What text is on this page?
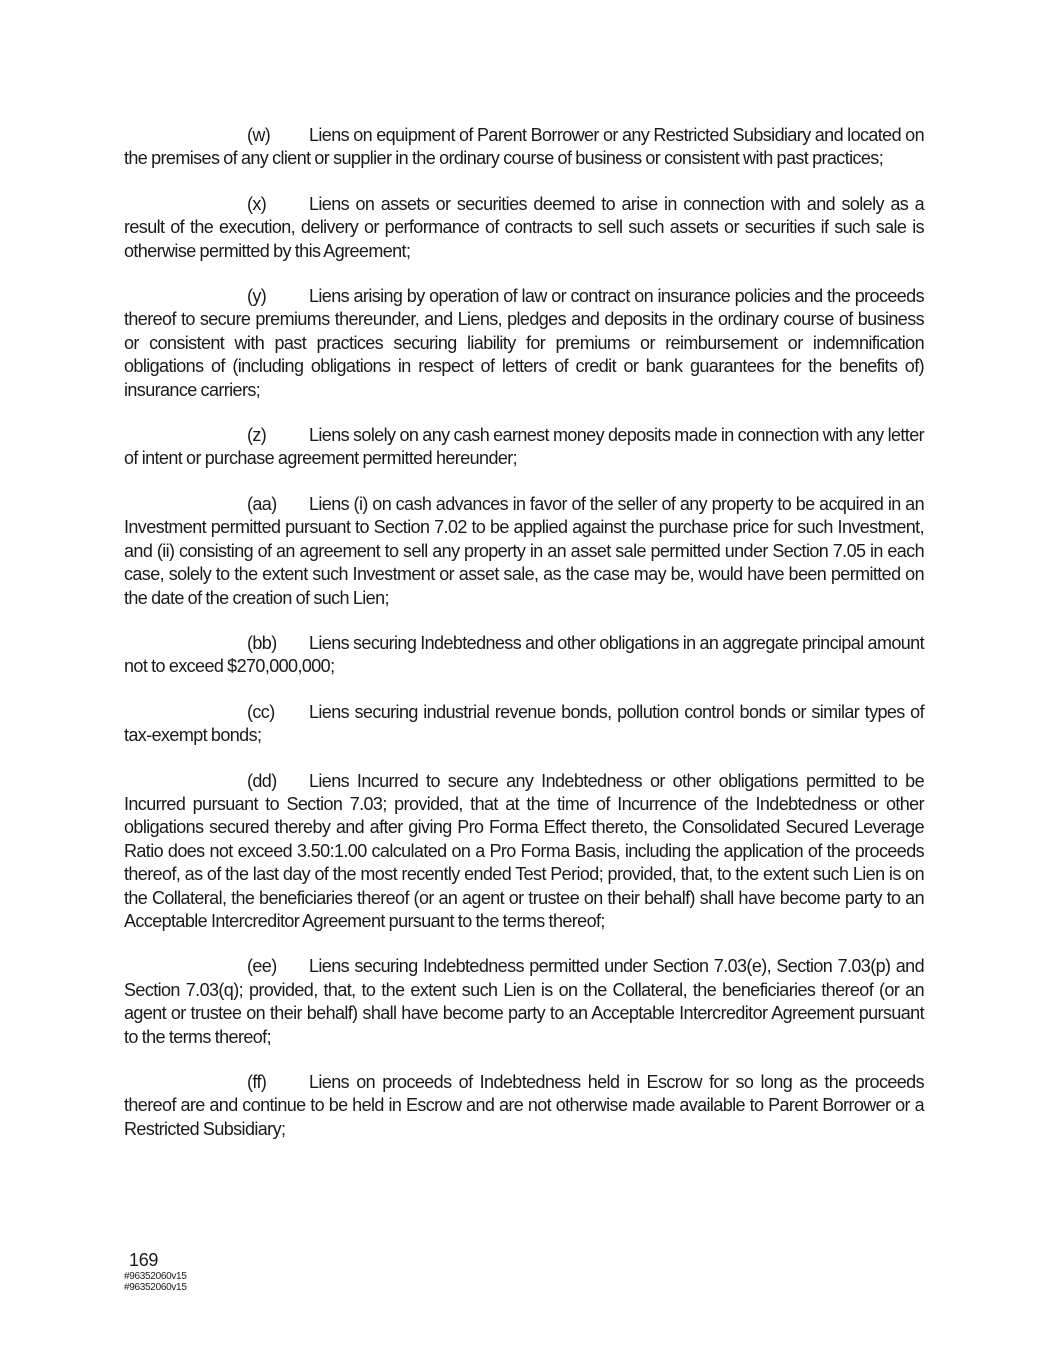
(w) Liens on equipment of Parent Borrower or any Restricted Subsidiary and located on the premises of any client or supplier in the ordinary course of business or consistent with past practices;

(x) Liens on assets or securities deemed to arise in connection with and solely as a result of the execution, delivery or performance of contracts to sell such assets or securities if such sale is otherwise permitted by this Agreement;

(y) Liens arising by operation of law or contract on insurance policies and the proceeds thereof to secure premiums thereunder, and Liens, pledges and deposits in the ordinary course of business or consistent with past practices securing liability for premiums or reimbursement or indemnification obligations of (including obligations in respect of letters of credit or bank guarantees for the benefits of) insurance carriers;

(z) Liens solely on any cash earnest money deposits made in connection with any letter of intent or purchase agreement permitted hereunder;

(aa) Liens (i) on cash advances in favor of the seller of any property to be acquired in an Investment permitted pursuant to Section 7.02 to be applied against the purchase price for such Investment, and (ii) consisting of an agreement to sell any property in an asset sale permitted under Section 7.05 in each case, solely to the extent such Investment or asset sale, as the case may be, would have been permitted on the date of the creation of such Lien;

(bb) Liens securing Indebtedness and other obligations in an aggregate principal amount not to exceed $270,000,000;

(cc) Liens securing industrial revenue bonds, pollution control bonds or similar types of tax-exempt bonds;

(dd) Liens Incurred to secure any Indebtedness or other obligations permitted to be Incurred pursuant to Section 7.03; provided, that at the time of Incurrence of the Indebtedness or other obligations secured thereby and after giving Pro Forma Effect thereto, the Consolidated Secured Leverage Ratio does not exceed 3.50:1.00 calculated on a Pro Forma Basis, including the application of the proceeds thereof, as of the last day of the most recently ended Test Period; provided, that, to the extent such Lien is on the Collateral, the beneficiaries thereof (or an agent or trustee on their behalf) shall have become party to an Acceptable Intercreditor Agreement pursuant to the terms thereof;

(ee) Liens securing Indebtedness permitted under Section 7.03(e), Section 7.03(p) and Section 7.03(q); provided, that, to the extent such Lien is on the Collateral, the beneficiaries thereof (or an agent or trustee on their behalf) shall have become party to an Acceptable Intercreditor Agreement pursuant to the terms thereof;

(ff) Liens on proceeds of Indebtedness held in Escrow for so long as the proceeds thereof are and continue to be held in Escrow and are not otherwise made available to Parent Borrower or a Restricted Subsidiary;

169
#96352060v15
#96352060v15
